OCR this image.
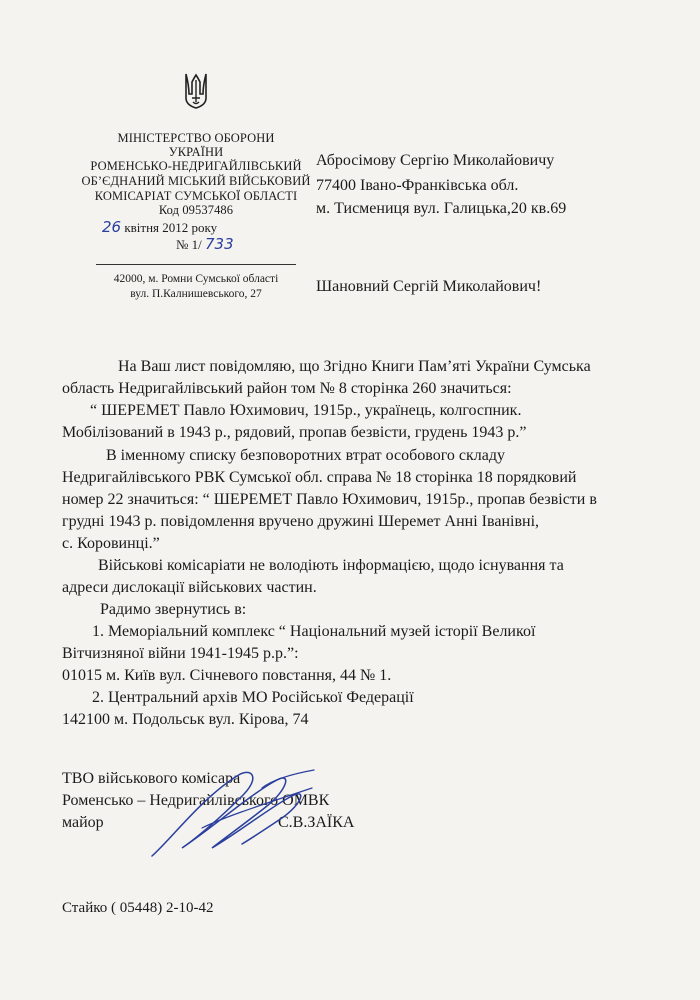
МІНІСТЕРСТВО ОБОРОНИ
УКРАЇНИ
РОМЕНСЬКО-НЕДРИГАЙЛІВСЬКИЙ
ОБ’ЄДНАНИЙ МІСЬКИЙ ВІЙСЬКОВИЙ
КОМІСАРІАТ СУМСЬКОЇ ОБЛАСТІ
Код 09537486
26 квітня 2012 року
№ 1/ 733
42000, м. Ромни Сумської області
вул. П.Калнишевського, 27
Абросімову Сергію Миколайовичу
77400 Івано-Франківська обл.
м. Тисмениця вул. Галицька,20 кв.69
Шановний Сергій Миколайович!
На Ваш лист повідомляю, що Згідно Книги Пам’яті України Сумська
область Недригайлівський район том № 8 сторінка 260 значиться:
“ ШЕРЕМЕТ Павло Юхимович, 1915р., українець, колгоспник.
Мобілізований в 1943 р., рядовий, пропав безвісти, грудень 1943 р.”
В іменному списку безповоротних втрат особового складу
Недригайлівського РВК Сумської обл. справа № 18 сторінка 18 порядковий
номер 22 значиться: “ ШЕРЕМЕТ Павло Юхимович, 1915р., пропав безвісти в
грудні 1943 р. повідомлення вручено дружині Шеремет Анні Іванівні,
с. Коровинці.”
Військові комісаріати не володіють інформацією, щодо існування та
адреси дислокації військових частин.
Радимо звернутись в:
1. Меморіальний комплекс “ Національний музей історії Великої
Вітчизняної війни 1941-1945 р.р.”:
01015 м. Київ вул. Січневого повстання, 44 № 1.
2. Центральний архів МО Російської Федерації
142100 м. Подольськ вул. Кірова, 74
ТВО військового комісара
Роменсько – Недригайлівського ОМВК
майор	С.В.ЗАЇКА
Стайко ( 05448) 2-10-42
